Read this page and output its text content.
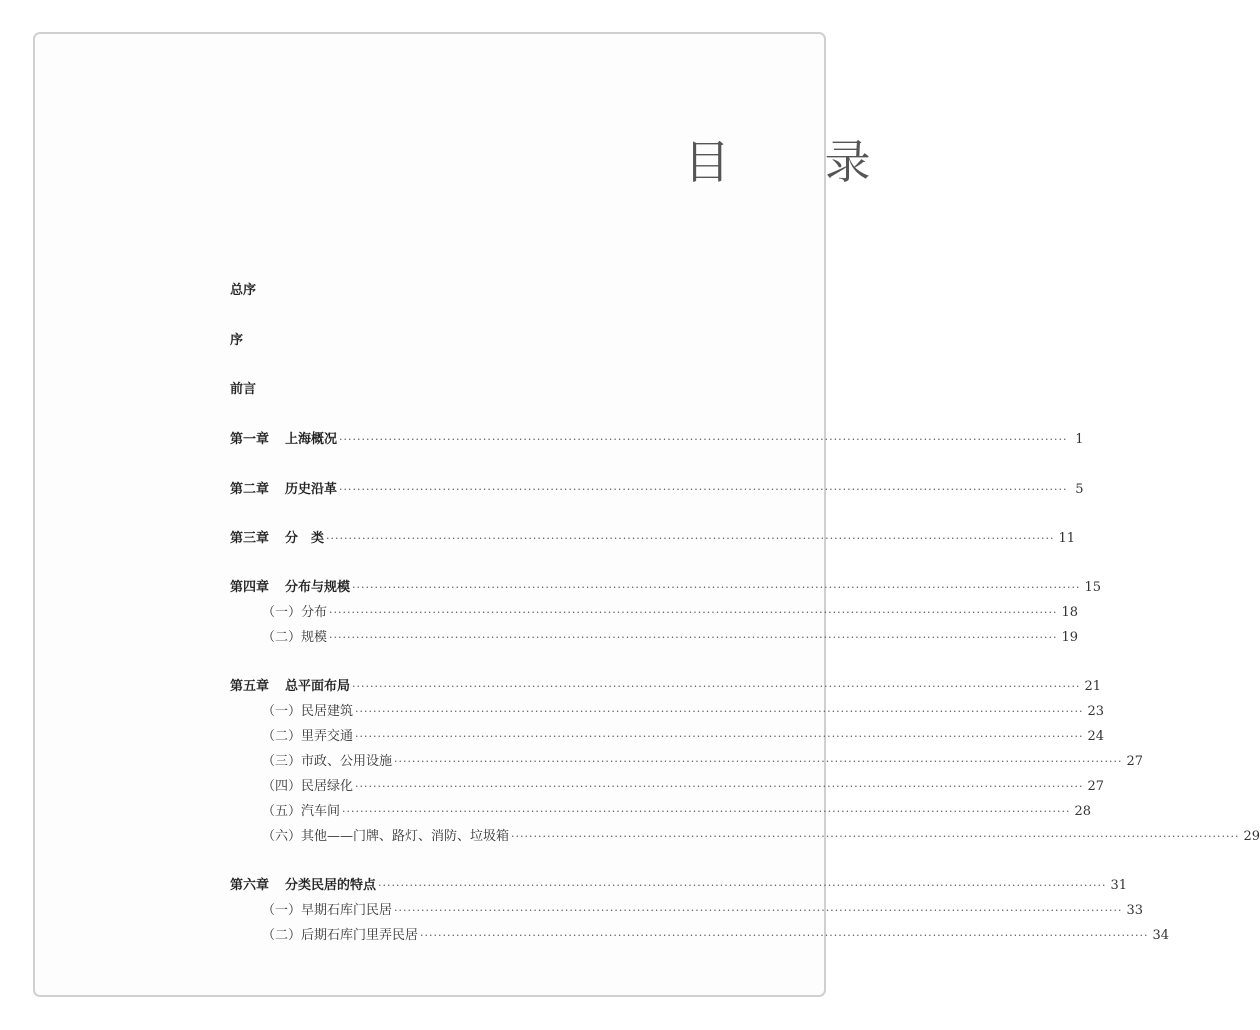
目 录
总序
序
前言
第一章 上海概况 ·····	1
第二章 历史沿革 ·····	5
第三章 分　类 ·····	11
第四章 分布与规模 ·····	15
（一）分布 ·····	18
（二）规模 ·····	19
第五章 总平面布局 ·····	21
（一）民居建筑 ·····	23
（二）里弄交通 ·····	24
（三）市政、公用设施 ·····	27
（四）民居绿化 ·····	27
（五）汽车间 ·····	28
（六）其他——门牌、路灯、消防、垃圾箱 ·····	29
第六章 分类民居的特点 ·····	31
（一）早期石库门民居 ·····	33
（二）后期石库门里弄民居 ·····	34
